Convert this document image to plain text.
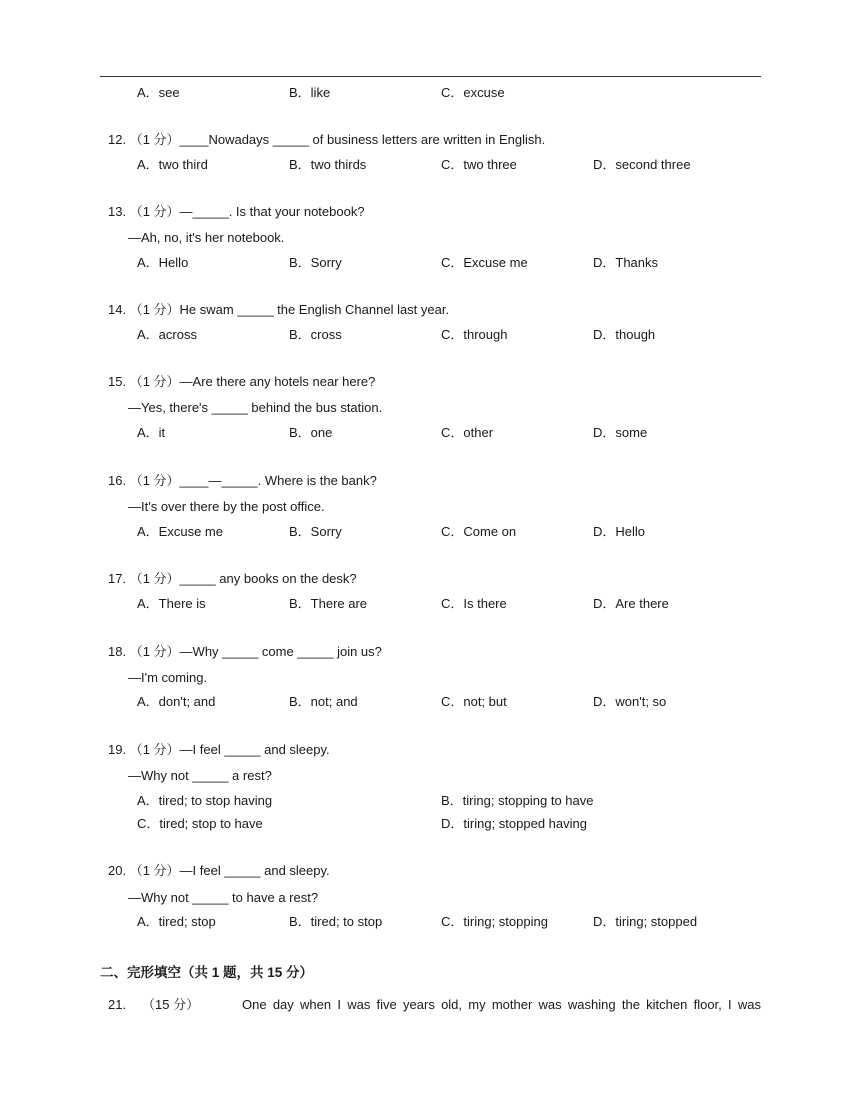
A．see	B．like	C．excuse
12. （1 分）____Nowadays _____ of business letters are written in English.
A．two third	B．two thirds	C．two three	D．second three
13. （1 分）—_____. Is that your notebook?
—Ah, no, it's her notebook.
A．Hello	B．Sorry	C．Excuse me	D．Thanks
14. （1 分）He swam _____ the English Channel last year.
A．across	B．cross	C．through	D．though
15. （1 分）—Are there any hotels near here?
—Yes, there's _____ behind the bus station.
A．it	B．one	C．other	D．some
16. （1 分）____—_____. Where is the bank?
—It's over there by the post office.
A．Excuse me	B．Sorry	C．Come on	D．Hello
17. （1 分）_____ any books on the desk?
A．There is	B．There are	C．Is there	D．Are there
18. （1 分）—Why _____ come _____ join us?
—I'm coming.
A．don't; and	B．not; and	C．not; but	D．won't; so
19. （1 分）—I feel _____ and sleepy.
—Why not _____ a rest?
A．tired; to stop having	B．tiring; stopping to have
C．tired; stop to have	D．tiring; stopped having
20. （1 分）—I feel _____ and sleepy.
—Why not _____ to have a rest?
A．tired; stop	B．tired; to stop	C．tiring; stopping	D．tiring; stopped
二、完形填空（共 1 题，共 15 分）
21.	（15 分）	One day when I was five years old, my mother was washing the kitchen floor, I was
